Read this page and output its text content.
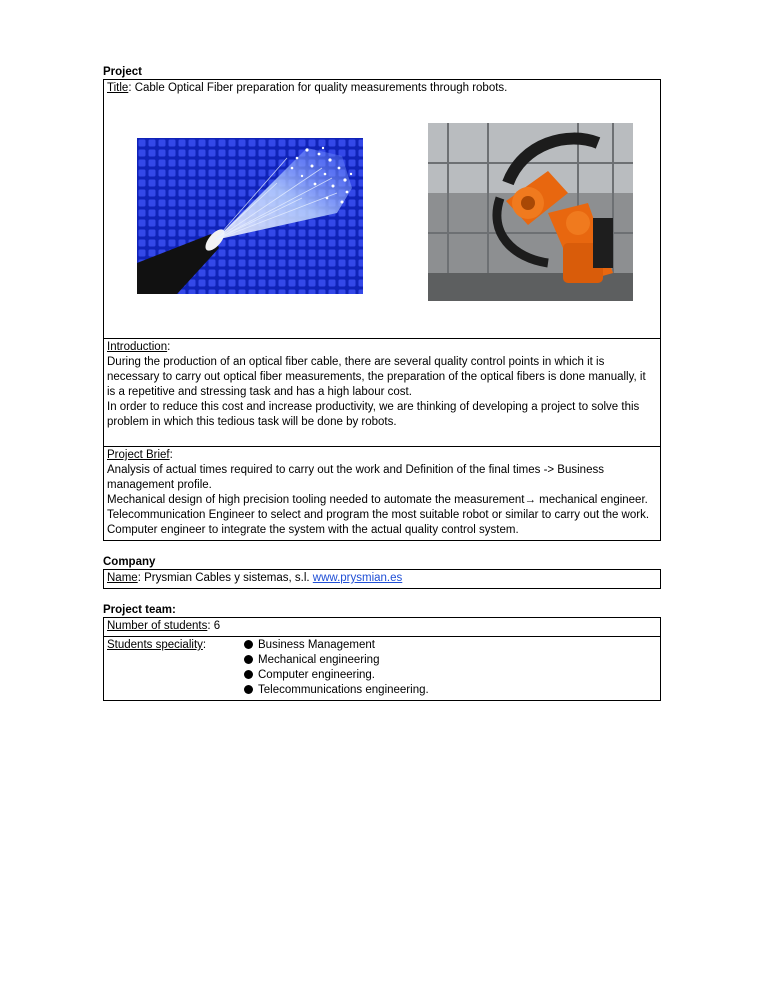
Project

Title: Cable Optical Fiber preparation for quality measurements through robots.
Introduction:
During the production of an optical fiber cable, there are several quality control points in which it is necessary to carry out optical fiber measurements, the preparation of the optical fibers is done manually, it is a repetitive and stressing task and has a high labour cost.
In order to reduce this cost and increase productivity, we are thinking of developing a project to solve this problem in which this tedious task will be done by robots.
Project Brief:
Analysis of actual times required to carry out the work and Definition of the final times -> Business management profile.
Mechanical design of high precision tooling needed to automate the measurement→ mechanical engineer.
Telecommunication Engineer to select and program the most suitable robot or similar to carry out the work.
Computer engineer to integrate the system with the actual quality control system.

Company

Name: Prysmian Cables y sistemas, s.l. www.prysmian.es

Project team:

Number of students: 6
Students speciality:	Business Management
Mechanical engineering
Computer engineering.
Telecommunications engineering.
